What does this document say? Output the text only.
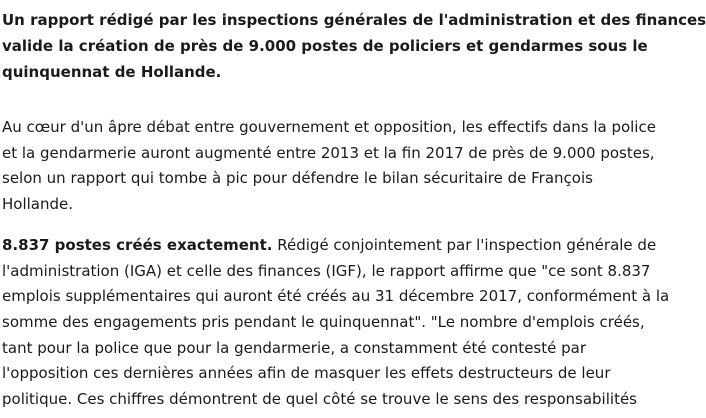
Un rapport rédigé par les inspections générales de l'administration et des finances
valide la création de près de 9.000 postes de policiers et gendarmes sous le
quinquennat de Hollande.

Au cœur d'un âpre débat entre gouvernement et opposition, les effectifs dans la police
et la gendarmerie auront augmenté entre 2013 et la fin 2017 de près de 9.000 postes,
selon un rapport qui tombe à pic pour défendre le bilan sécuritaire de François
Hollande.

8.837 postes créés exactement. Rédigé conjointement par l'inspection générale de
l'administration (IGA) et celle des finances (IGF), le rapport affirme que "ce sont 8.837
emplois supplémentaires qui auront été créés au 31 décembre 2017, conformément à la
somme des engagements pris pendant le quinquennat". "Le nombre d'emplois créés,
tant pour la police que pour la gendarmerie, a constamment été contesté par
l'opposition ces dernières années afin de masquer les effets destructeurs de leur
politique. Ces chiffres démontrent de quel côté se trouve le sens des responsabilités
